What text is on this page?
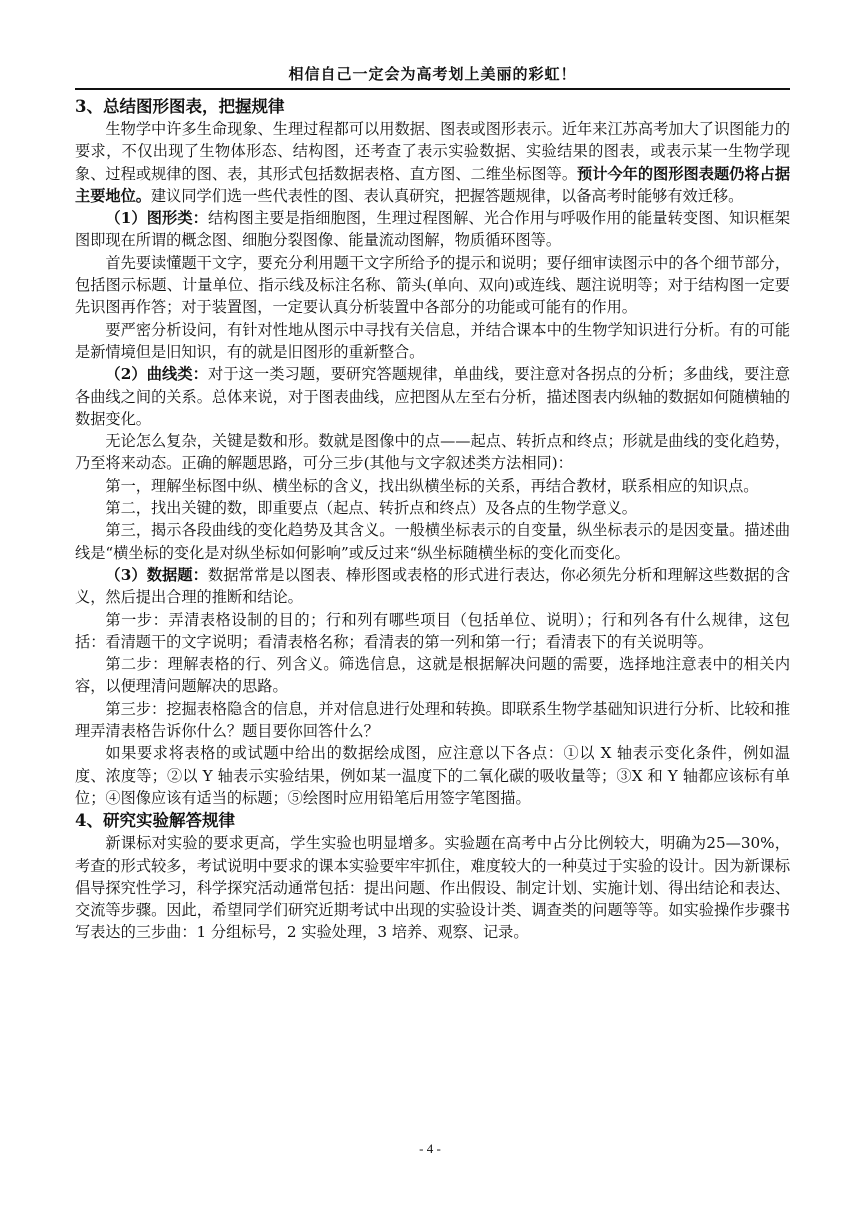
相信自己一定会为高考划上美丽的彩虹！
3、总结图形图表，把握规律

生物学中许多生命现象、生理过程都可以用数据、图表或图形表示。近年来江苏高考加大了识图能力的要求，不仅出现了生物体形态、结构图，还考查了表示实验数据、实验结果的图表，或表示某一生物学现象、过程或规律的图、表，其形式包括数据表格、直方图、二维坐标图等。预计今年的图形图表题仍将占据主要地位。建议同学们选一些代表性的图、表认真研究，把握答题规律，以备高考时能够有效迁移。

（1）图形类：结构图主要是指细胞图，生理过程图解、光合作用与呼吸作用的能量转变图、知识框架图即现在所谓的概念图、细胞分裂图像、能量流动图解，物质循环图等。

首先要读懂题干文字，要充分利用题干文字所给予的提示和说明；要仔细审读图示中的各个细节部分，包括图示标题、计量单位、指示线及标注名称、箭头(单向、双向)或连线、题注说明等；对于结构图一定要先识图再作答；对于装置图，一定要认真分析装置中各部分的功能或可能有的作用。

要严密分析设问，有针对性地从图示中寻找有关信息，并结合课本中的生物学知识进行分析。有的可能是新情境但是旧知识，有的就是旧图形的重新整合。

（2）曲线类：对于这一类习题，要研究答题规律，单曲线，要注意对各拐点的分析；多曲线，要注意各曲线之间的关系。总体来说，对于图表曲线，应把图从左至右分析，描述图表内纵轴的数据如何随横轴的数据变化。

无论怎么复杂，关键是数和形。数就是图像中的点——起点、转折点和终点；形就是曲线的变化趋势，乃至将来动态。正确的解题思路，可分三步(其他与文字叙述类方法相同)：

第一，理解坐标图中纵、横坐标的含义，找出纵横坐标的关系，再结合教材，联系相应的知识点。

第二，找出关键的数，即重要点（起点、转折点和终点）及各点的生物学意义。

第三，揭示各段曲线的变化趋势及其含义。一般横坐标表示的自变量，纵坐标表示的是因变量。描述曲线是“横坐标的变化是对纵坐标如何影响”或反过来“纵坐标随横坐标的变化而变化。

（3）数据题：数据常常是以图表、棒形图或表格的形式进行表达，你必须先分析和理解这些数据的含义，然后提出合理的推断和结论。

第一步：弄清表格设制的目的；行和列有哪些项目（包括单位、说明）；行和列各有什么规律，这包括：看清题干的文字说明；看清表格名称；看清表的第一列和第一行；看清表下的有关说明等。

第二步：理解表格的行、列含义。筛选信息，这就是根据解决问题的需要，选择地注意表中的相关内容，以便理清问题解决的思路。

第三步：挖掘表格隐含的信息，并对信息进行处理和转换。即联系生物学基础知识进行分析、比较和推理弄清表格告诉你什么？题目要你回答什么？

如果要求将表格的或试题中给出的数据绘成图，应注意以下各点：①以 X 轴表示变化条件，例如温度、浓度等；②以 Y 轴表示实验结果，例如某一温度下的二氧化碳的吸收量等；③X 和 Y 轴都应该标有单位；④图像应该有适当的标题；⑤绘图时应用铅笔后用签字笔图描。

4、研究实验解答规律

新课标对实验的要求更高，学生实验也明显增多。实验题在高考中占分比例较大，明确为25—30%，考查的形式较多，考试说明中要求的课本实验要牢牢抓住，难度较大的一种莫过于实验的设计。因为新课标倡导探究性学习，科学探究活动通常包括：提出问题、作出假设、制定计划、实施计划、得出结论和表达、交流等步骤。因此，希望同学们研究近期考试中出现的实验设计类、调查类的问题等等。如实验操作步骤书写表达的三步曲：1 分组标号，2 实验处理，3 培养、观察、记录。

- 4 -
